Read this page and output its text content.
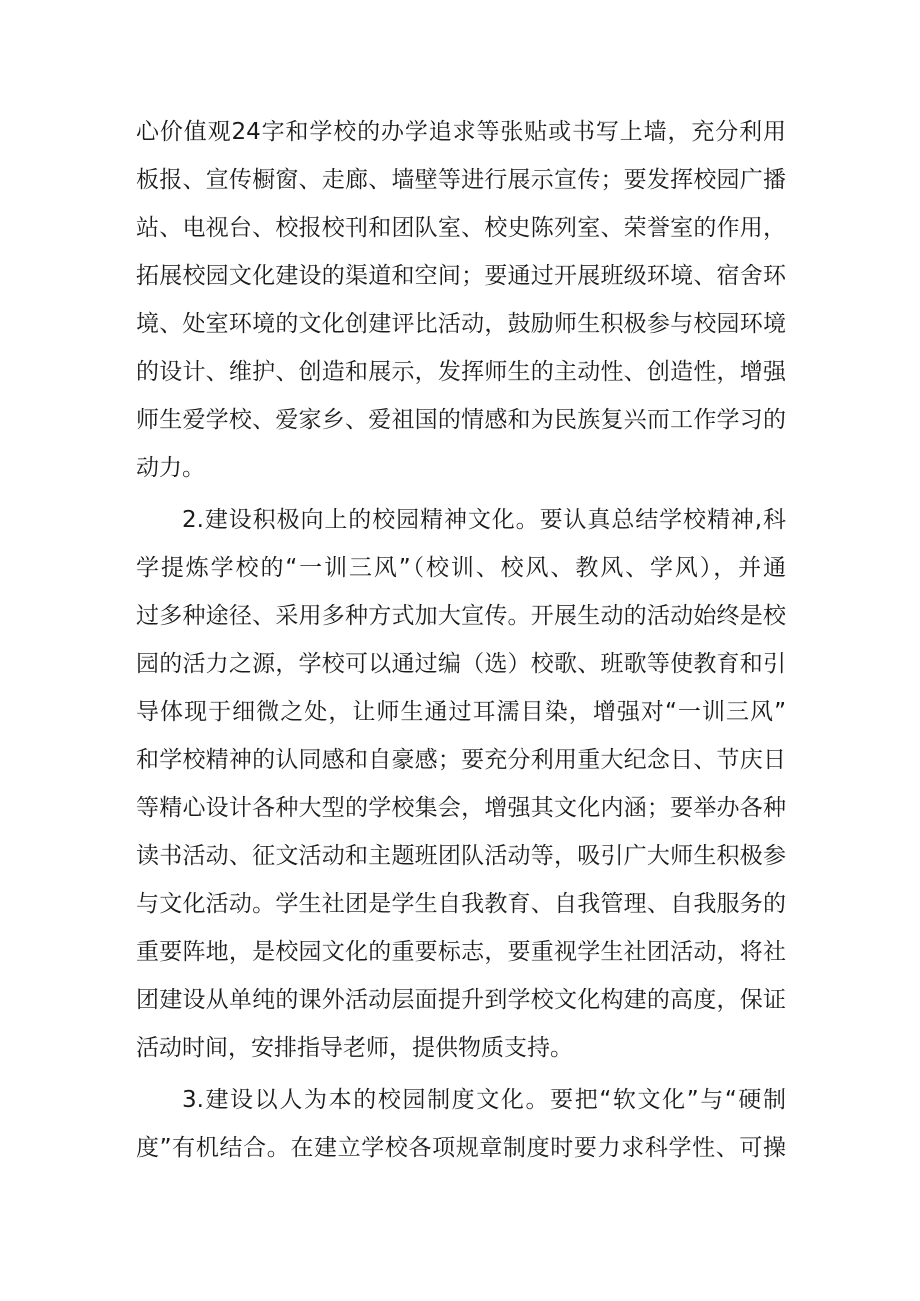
心价值观24字和学校的办学追求等张贴或书写上墙，充分利用
板报、宣传橱窗、走廊、墙壁等进行展示宣传；要发挥校园广播
站、电视台、校报校刊和团队室、校史陈列室、荣誉室的作用，
拓展校园文化建设的渠道和空间；要通过开展班级环境、宿舍环
境、处室环境的文化创建评比活动，鼓励师生积极参与校园环境
的设计、维护、创造和展示，发挥师生的主动性、创造性，增强
师生爱学校、爱家乡、爱祖国的情感和为民族复兴而工作学习的
动力。
2.建设积极向上的校园精神文化。要认真总结学校精神,科
学提炼学校的“一训三风”（校训、校风、教风、学风），并通
过多种途径、采用多种方式加大宣传。开展生动的活动始终是校
园的活力之源，学校可以通过编（选）校歌、班歌等使教育和引
导体现于细微之处，让师生通过耳濡目染，增强对“一训三风”
和学校精神的认同感和自豪感；要充分利用重大纪念日、节庆日
等精心设计各种大型的学校集会，增强其文化内涵；要举办各种
读书活动、征文活动和主题班团队活动等，吸引广大师生积极参
与文化活动。学生社团是学生自我教育、自我管理、自我服务的
重要阵地，是校园文化的重要标志，要重视学生社团活动，将社
团建设从单纯的课外活动层面提升到学校文化构建的高度，保证
活动时间，安排指导老师，提供物质支持。
3.建设以人为本的校园制度文化。要把“软文化”与“硬制
度”有机结合。在建立学校各项规章制度时要力求科学性、可操
